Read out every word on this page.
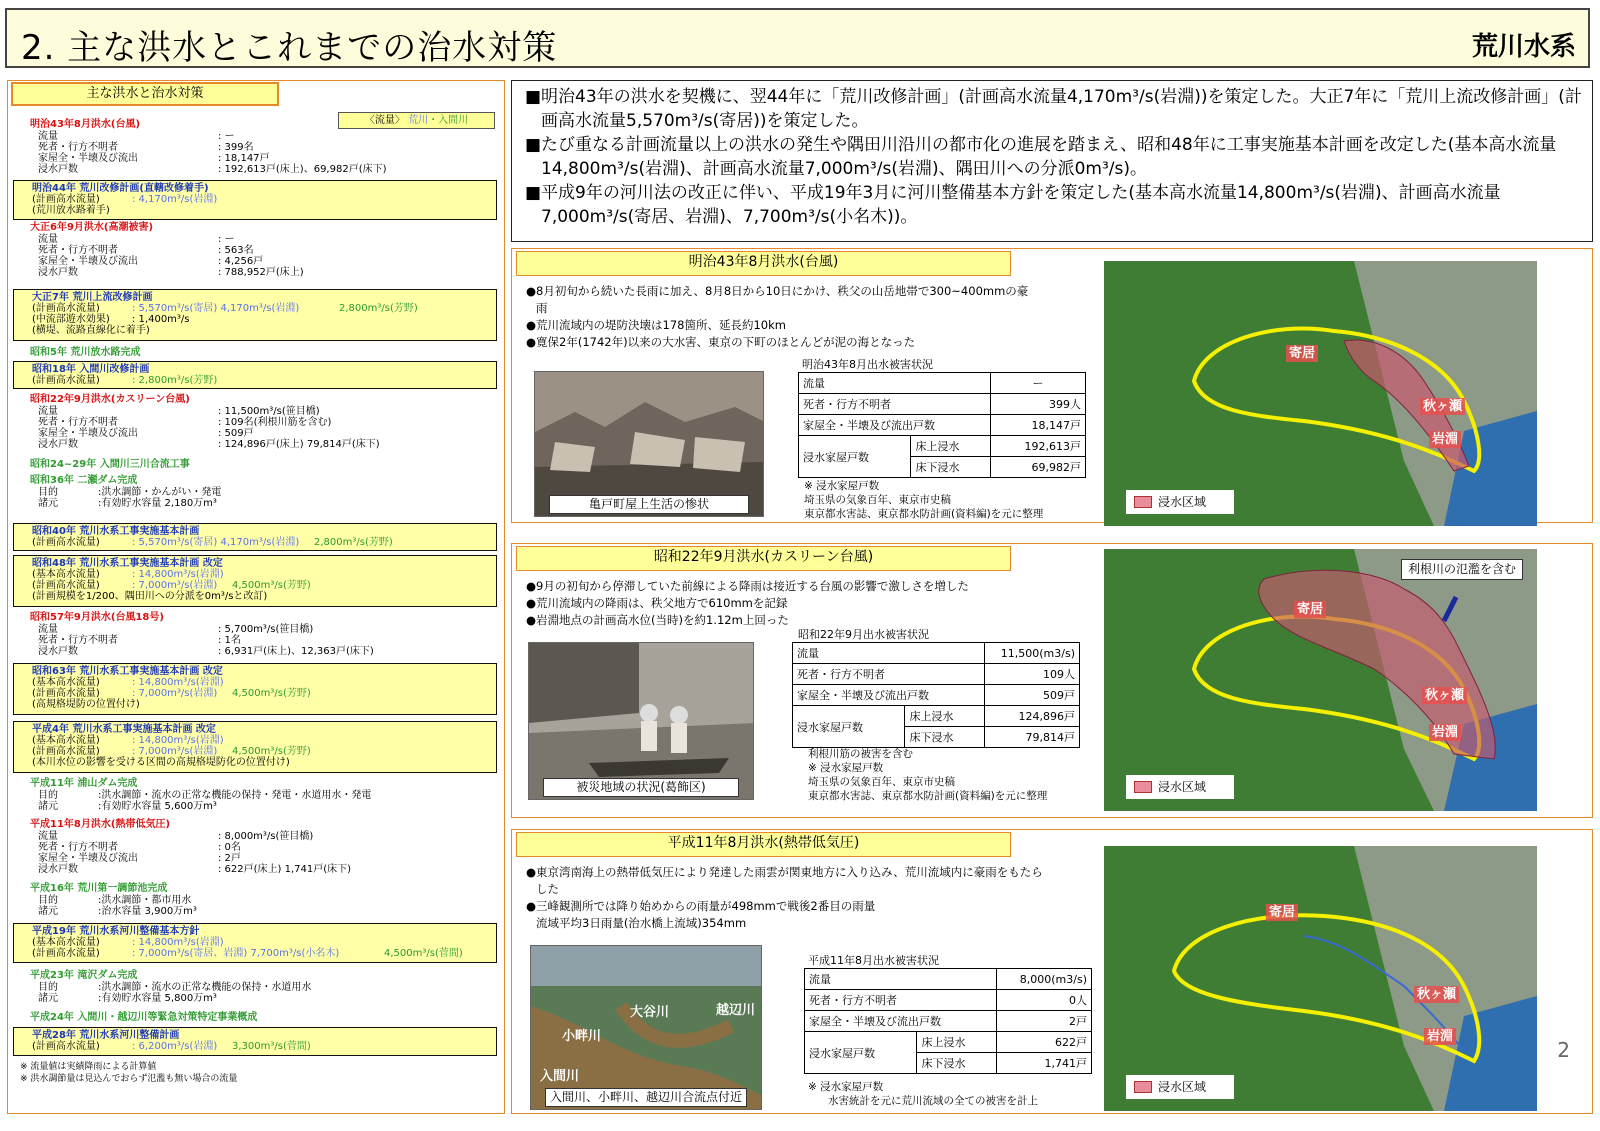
2. 主な洪水とこれまでの治水対策	荒川水系
主な洪水と治水対策
〈流量〉 荒川・入間川
明治43年8月洪水(台風)
流量	: ー
死者・行方不明者	: 399名
家屋全・半壊及び流出	: 18,147戸
浸水戸数	: 192,613戸(床上)、69,982戸(床下)
明治44年 荒川改修計画(直轄改修着手)
(計画高水流量)	: 4,170m³/s(岩淵)
(荒川放水路着手)
大正6年9月洪水(高潮被害)
流量	: ー
死者・行方不明者	: 563名
家屋全・半壊及び流出	: 4,256戸
浸水戸数	: 788,952戸(床上)
大正7年 荒川上流改修計画
(計画高水流量)	: 5,570m³/s(寄居) 4,170m³/s(岩淵)	2,800m³/s(芳野)
(中流部遊水効果) : 1,400m³/s
(横堤、流路直線化に着手)
昭和5年 荒川放水路完成
昭和18年 入間川改修計画
(計画高水流量)	: 2,800m³/s(芳野)
昭和22年9月洪水(カスリーン台風)
流量	: 11,500m³/s(笹目橋)
死者・行方不明者	: 109名(利根川筋を含む)
家屋全・半壊及び流出	: 509戸
浸水戸数	: 124,896戸(床上) 79,814戸(床下)
昭和24~29年 入間川三川合流工事
昭和36年 二瀬ダム完成
目的	:洪水調節・かんがい・発電
諸元	:有効貯水容量 2,180万m³
昭和40年 荒川水系工事実施基本計画
(計画高水流量)	: 5,570m³/s(寄居) 4,170m³/s(岩淵) 2,800m³/s(芳野)
昭和48年 荒川水系工事実施基本計画 改定
(基本高水流量)	: 14,800m³/s(岩淵)
(計画高水流量)	: 7,000m³/s(岩淵) 4,500m³/s(芳野)
(計画規模を1/200、隅田川への分派を0m³/sと改訂)
昭和57年9月洪水(台風18号)
流量	: 5,700m³/s(笹目橋)
死者・行方不明者	: 1名
浸水戸数	: 6,931戸(床上)、12,363戸(床下)
昭和63年 荒川水系工事実施基本計画 改定
(基本高水流量)	: 14,800m³/s(岩淵)
(計画高水流量)	: 7,000m³/s(岩淵) 4,500m³/s(芳野)
(高規格堤防の位置付け)
平成4年 荒川水系工事実施基本計画 改定
(基本高水流量)	: 14,800m³/s(岩淵)
(計画高水流量)	: 7,000m³/s(岩淵) 4,500m³/s(芳野)
(本川水位の影響を受ける区間の高規格堤防化の位置付け)
平成11年 浦山ダム完成
目的	:洪水調節・流水の正常な機能の保持・発電・水道用水・発電
諸元	:有効貯水容量 5,600万m³
平成11年8月洪水(熱帯低気圧)
流量	: 8,000m³/s(笹目橋)
死者・行方不明者	: 0名
家屋全・半壊及び流出	: 2戸
浸水戸数	: 622戸(床上) 1,741戸(床下)
平成16年 荒川第一調節池完成
目的	:洪水調節・都市用水
諸元	:治水容量 3,900万m³
平成19年 荒川水系河川整備基本方針
(基本高水流量)	: 14,800m³/s(岩淵)
(計画高水流量)	: 7,000m³/s(寄居、岩淵) 7,700m³/s(小名木)	4,500m³/s(菅間)
平成23年 滝沢ダム完成
目的	:洪水調節・流水の正常な機能の保持・水道用水
諸元	:有効貯水容量 5,800万m³
平成24年 入間川・越辺川等緊急対策特定事業概成
平成28年 荒川水系河川整備計画
(計画高水流量)	: 6,200m³/s(岩淵) 3,300m³/s(菅間)
※ 流量値は実績降雨による計算値
※ 洪水調節量は見込んでおらず氾濫も無い場合の流量

■明治43年の洪水を契機に、翌44年に「荒川改修計画」(計画高水流量4,170m³/s(岩淵))を策定した。大正7年に「荒川上流改修計画」(計画高水流量5,570m³/s(寄居))を策定した。

■たび重なる計画流量以上の洪水の発生や隅田川沿川の都市化の進展を踏まえ、昭和48年に工事実施基本計画を改定した(基本高水流量14,800m³/s(岩淵)、計画高水流量7,000m³/s(岩淵)、隅田川への分派0m³/s)。

■平成9年の河川法の改正に伴い、平成19年3月に河川整備基本方針を策定した(基本高水流量14,800m³/s(岩淵)、計画高水流量7,000m³/s(寄居、岩淵)、7,700m³/s(小名木))。

明治43年8月洪水(台風)

●8月初旬から続いた長雨に加え、8月8日から10日にかけ、秩父の山岳地帯で300~400mmの豪雨

●荒川流域内の堤防決壊は178箇所、延長約10km

●寛保2年(1742年)以来の大水害、東京の下町のほとんどが泥の海となった

亀戸町屋上生活の惨状
明治43年8月出水被害状況
流量		ー
死者・行方不明者		399人
家屋全・半壊及び流出戸数		18,147戸
浸水家屋戸数	床上浸水	192,613戸
	床下浸水	69,982戸
※ 浸水家屋戸数
埼玉県の気象百年、東京市史稿
東京都水害誌、東京都水防計画(資料編)を元に整理
寄居
秋ヶ瀬
岩淵
浸水区域
昭和22年9月洪水(カスリーン台風)

●9月の初旬から停滞していた前線による降雨は接近する台風の影響で激しさを増した

●荒川流域内の降雨は、秩父地方で610mmを記録

●岩淵地点の計画高水位(当時)を約1.12m上回った

被災地域の状況(葛飾区)
昭和22年9月出水被害状況
流量		11,500(m3/s)
死者・行方不明者		109人
家屋全・半壊及び流出戸数		509戸
浸水家屋戸数	床上浸水	124,896戸
	床下浸水	79,814戸
利根川筋の被害を含む
※ 浸水家屋戸数
埼玉県の気象百年、東京市史稿
東京都水害誌、東京都水防計画(資料編)を元に整理
利根川の氾濫を含む
寄居
秋ヶ瀬
岩淵
浸水区域
平成11年8月洪水(熱帯低気圧)

●東京湾南海上の熱帯低気圧により発達した雨雲が関東地方に入り込み、荒川流域内に豪雨をもたらした

●三峰観測所では降り始めからの雨量が498mmで戦後2番目の雨量

流域平均3日雨量(治水橋上流域)354mm

大谷川	越辺川
小畔川
入間川
入間川、小畔川、越辺川合流点付近
平成11年8月出水被害状況
流量		8,000(m3/s)
死者・行方不明者		0人
家屋全・半壊及び流出戸数		2戸
浸水家屋戸数	床上浸水	622戸
	床下浸水	1,741戸
※ 浸水家屋戸数
水害統計を元に荒川流域の全ての被害を計上
寄居
秋ヶ瀬
岩淵
浸水区域
2
